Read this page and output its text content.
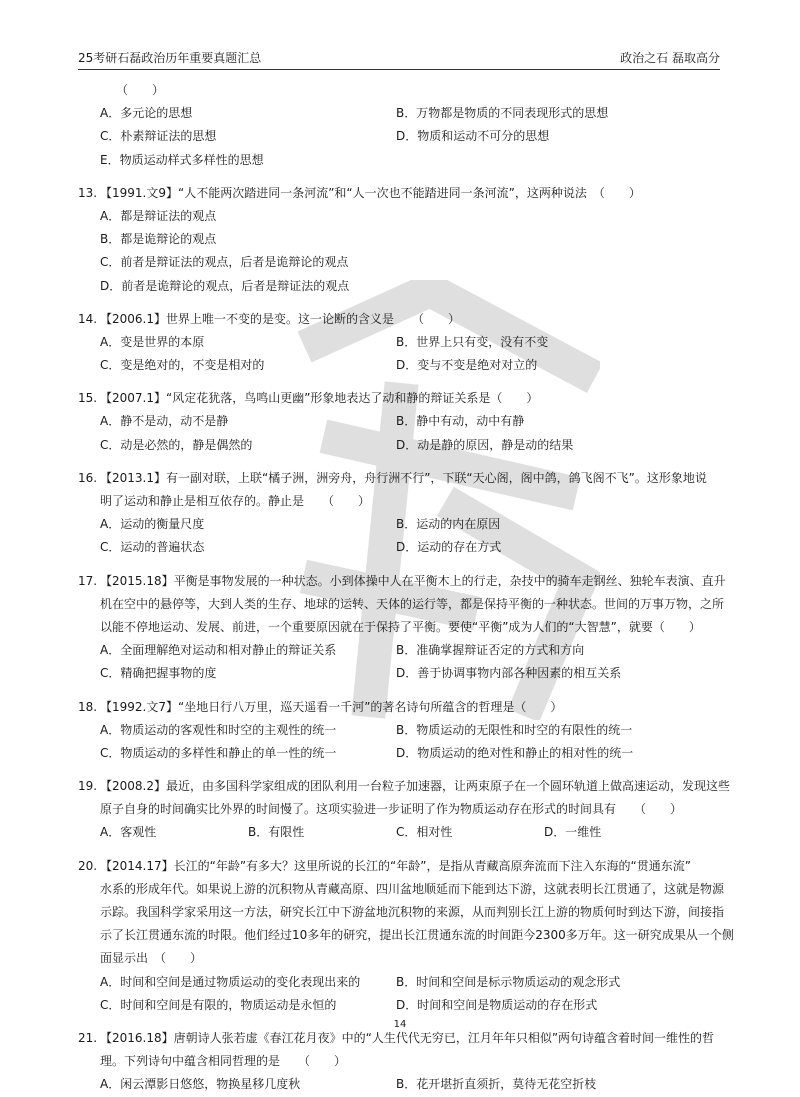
25考研石磊政治历年重要真题汇总	政治之石 磊取高分
（　　）
A．多元论的思想	B．万物都是物质的不同表现形式的思想
C．朴素辩证法的思想	D．物质和运动不可分的思想
E．物质运动样式多样性的思想
13. 【1991.文9】“人不能两次踏进同一条河流”和“人一次也不能踏进同一条河流”，这两种说法　（　　）
A．都是辩证法的观点
B．都是诡辩论的观点
C．前者是辩证法的观点，后者是诡辩论的观点
D．前者是诡辩论的观点，后者是辩证法的观点
14. 【2006.1】世界上唯一不变的是变。这一论断的含义是　　（　　）
A．变是世界的本原	B．世界上只有变，没有不变
C．变是绝对的，不变是相对的	D．变与不变是绝对对立的
15. 【2007.1】“风定花犹落，鸟鸣山更幽”形象地表达了动和静的辩证关系是（　　）
A．静不是动，动不是静	B．静中有动，动中有静
C．动是必然的，静是偶然的	D．动是静的原因，静是动的结果
16. 【2013.1】有一副对联，上联“橘子洲，洲旁舟，舟行洲不行”，下联“天心阁，阁中鸽，鸽飞阁不飞”。这形象地说
明了运动和静止是相互依存的。静止是　　（　　）
A．运动的衡量尺度	B．运动的内在原因
C．运动的普遍状态	D．运动的存在方式
17. 【2015.18】平衡是事物发展的一种状态。小到体操中人在平衡木上的行走，杂技中的骑车走钢丝、独轮车表演、直升
机在空中的悬停等，大到人类的生存、地球的运转、天体的运行等，都是保持平衡的一种状态。世间的万事万物，之所
以能不停地运动、发展、前进，一个重要原因就在于保持了平衡。要使“平衡”成为人们的“大智慧”，就要（　　）
A．全面理解绝对运动和相对静止的辩证关系	B．准确掌握辩证否定的方式和方向
C．精确把握事物的度	D．善于协调事物内部各种因素的相互关系
18. 【1992.文7】“坐地日行八万里，巡天遥看一千河”的著名诗句所蕴含的哲理是（　　）
A．物质运动的客观性和时空的主观性的统一	B．物质运动的无限性和时空的有限性的统一
C．物质运动的多样性和静止的单一性的统一	D．物质运动的绝对性和静止的相对性的统一
19. 【2008.2】最近，由多国科学家组成的团队利用一台粒子加速器，让两束原子在一个圆环轨道上做高速运动，发现这些
原子自身的时间确实比外界的时间慢了。这项实验进一步证明了作为物质运动存在形式的时间具有　　（　　）
A．客观性	B．有限性	C．相对性	D．一维性
20. 【2014.17】长江的“年龄”有多大？这里所说的长江的“年龄”，是指从青藏高原奔流而下注入东海的“贯通东流”
水系的形成年代。如果说上游的沉积物从青藏高原、四川盆地顺延而下能到达下游，这就表明长江贯通了，这就是物源
示踪。我国科学家采用这一方法，研究长江中下游盆地沉积物的来源，从而判别长江上游的物质何时到达下游，间接指
示了长江贯通东流的时限。他们经过10多年的研究，提出长江贯通东流的时间距今2300多万年。这一研究成果从一个侧
面显示出　（　　）
A．时间和空间是通过物质运动的变化表现出来的	B．时间和空间是标示物质运动的观念形式
C．时间和空间是有限的，物质运动是永恒的	D．时间和空间是物质运动的存在形式
21. 【2016.18】唐朝诗人张若虚《春江花月夜》中的“人生代代无穷已，江月年年只相似”两句诗蕴含着时间一维性的哲
理。下列诗句中蕴含相同哲理的是　　（　　）
A．闲云潭影日悠悠，物换星移几度秋	B．花开堪折直须折，莫待无花空折枝
14
